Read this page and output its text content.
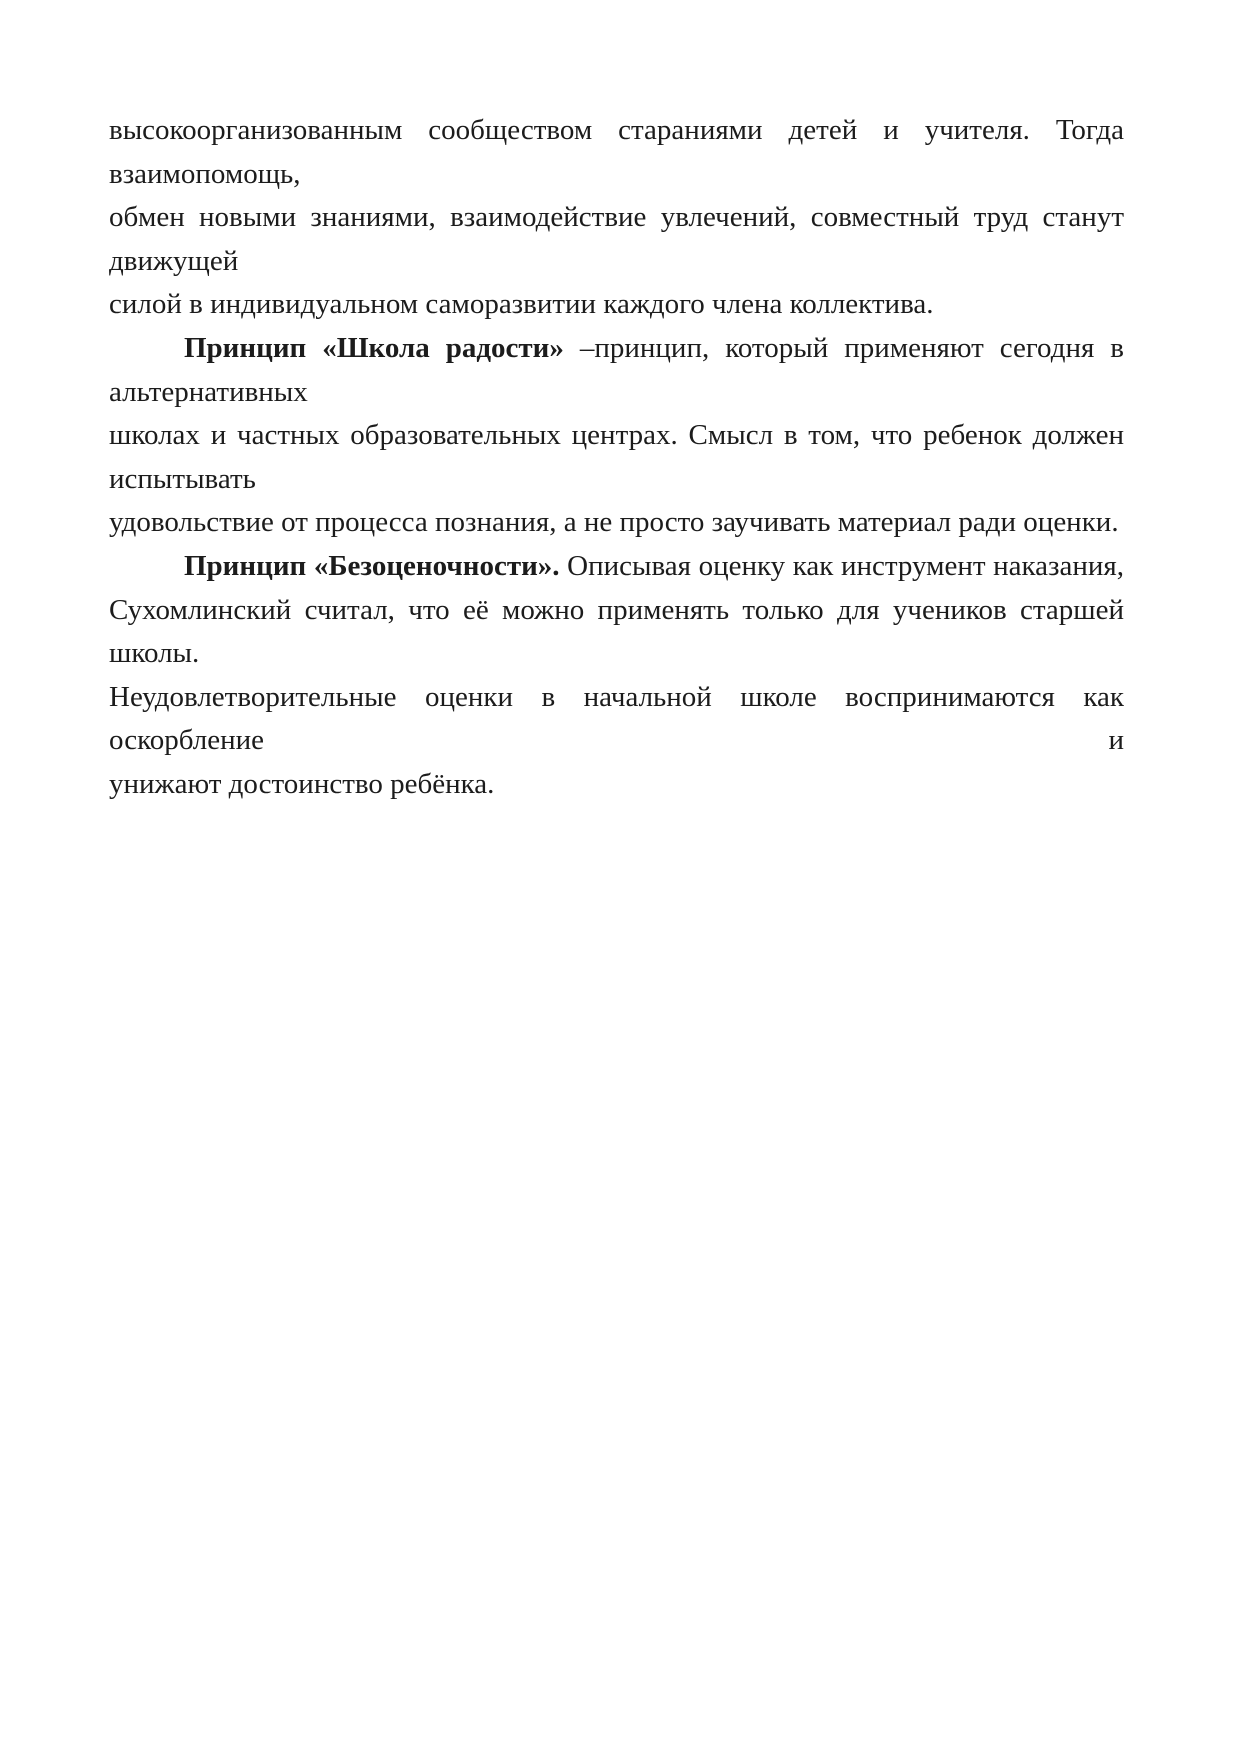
высокоорганизованным сообществом стараниями детей и учителя. Тогда взаимопомощь,
обмен новыми знаниями, взаимодействие увлечений, совместный труд станут движущей
силой в индивидуальном саморазвитии каждого члена коллектива.
Принцип «Школа радости» –принцип, который применяют сегодня в альтернативных
школах и частных образовательных центрах. Смысл в том, что ребенок должен испытывать
удовольствие от процесса познания, а не просто заучивать материал ради оценки.
Принцип «Безоценочности». Описывая оценку как инструмент наказания,
Сухомлинский считал, что её можно применять только для учеников старшей школы.
Неудовлетворительные оценки в начальной школе воспринимаются как оскорбление и
унижают достоинство ребёнка.
